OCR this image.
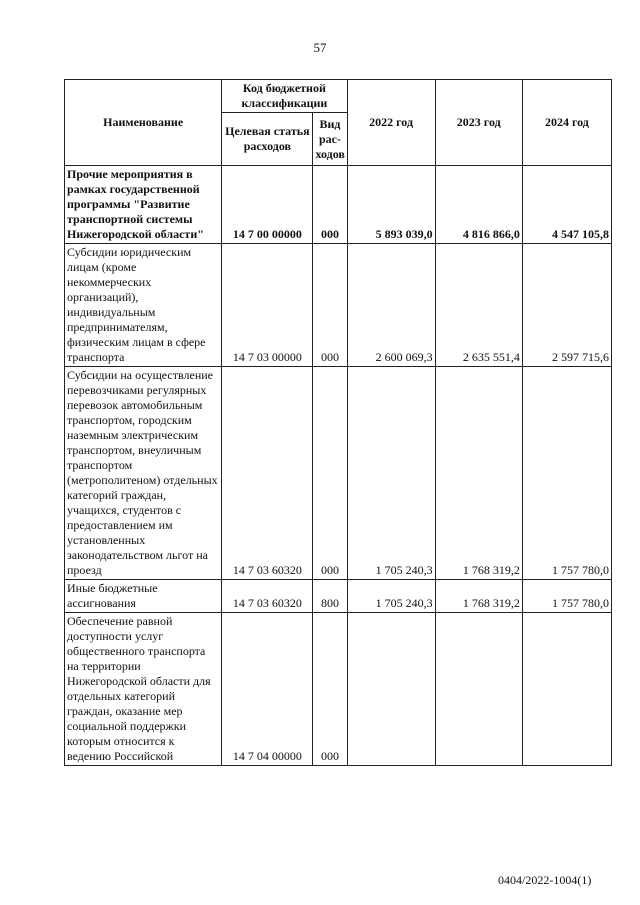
57
Наименование	Код бюджетной классификации		2022 год	2023 год	2024 год
	Целевая статья расходов	Вид рас-ходов			
Прочие мероприятия в рамках государственной программы "Развитие транспортной системы Нижегородской области"	14 7 00 00000	000	5 893 039,0	4 816 866,0	4 547 105,8
Субсидии юридическим лицам (кроме некоммерческих организаций), индивидуальным предпринимателям, физическим лицам в сфере транспорта	14 7 03 00000	000	2 600 069,3	2 635 551,4	2 597 715,6
Субсидии на осуществление перевозчиками регулярных перевозок автомобильным транспортом, городским наземным электрическим транспортом, внеуличным транспортом (метрополитеном) отдельных категорий граждан, учащихся, студентов с предоставлением им установленных законодательством льгот на проезд	14 7 03 60320	000	1 705 240,3	1 768 319,2	1 757 780,0
Иные бюджетные ассигнования	14 7 03 60320	800	1 705 240,3	1 768 319,2	1 757 780,0
Обеспечение равной доступности услуг общественного транспорта на территории Нижегородской области для отдельных категорий граждан, оказание мер социальной поддержки которым относится к ведению Российской	14 7 04 00000	000			
0404/2022-1004(1)
